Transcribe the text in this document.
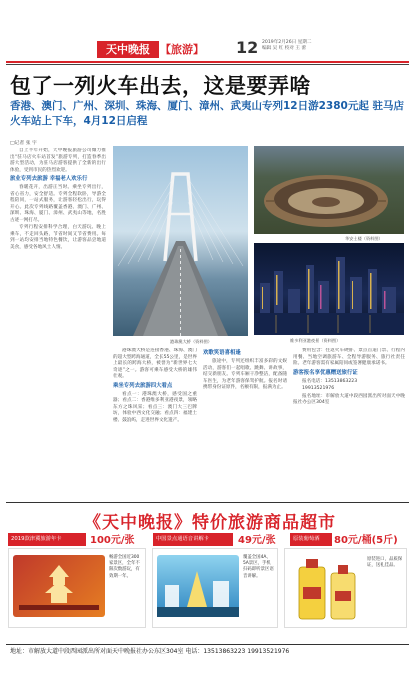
天中晚报 【旅游】 12 2019年2月26日 星期二
编辑 吴 红 校对 王 蕾
包了一列火车出去，这是要弄啥
香港、澳门、广州、深圳、珠海、厦门、漳州、武夷山专列12日游2380元起 驻马店火车站上下车，4月12日启程
□记者 张 宇

自上半年开始，天中晚报旅游公司倾力推出“驻马店火车站首发”旅游专列，打造春季出游大型活动，为驻马店游客提供了全新的出行体验，受到市民的热烈欢迎。

旅业专列去旅游 幸福老人欢乐行

春暖花开，出游正当时。乘坐专列出行，省心省力，安全舒适。专列全程软卧，导游全程陪同，一站式服务，让游客轻松出行，玩得开心。此次专列线路覆盖香港、澳门、广州、深圳、珠海、厦门、漳州、武夷山等地，名胜古迹一网打尽。

专列行程安排科学合理，白天游玩、晚上乘车，不走回头路，节省时间又节省费用。每到一站均安排当地特色餐饮，让游客品尝地道美食，感受各地风土人情。

港珠澳大桥（资料图）
华安土楼（资料图）
维多利亚港夜景（资料图）

港珠澳大桥是连接香港、珠海、澳门的超大型跨海通道，全长55公里，是世界上最长的跨海大桥，被誉为“新世界七大奇迹”之一。游客可乘车感受大桥的雄伟壮观。

乘坐专列去旅游四大看点

看点一：港珠澳大桥，感受国之重器；看点二：香港维多利亚港夜景，领略东方之珠风采；看点三：澳门大三巴牌坊，体验中西文化交融；看点四：福建土楼、鼓浪屿，走进世界文化遗产。

欢歌笑语喜相逢

旅途中，专列还组织丰富多彩的文娱活动，游客们一起唱歌、跳舞、讲故事，结交新朋友。专列车厢干净整洁，配备随车医生，为老年游客保驾护航。报名时请携带身份证原件，名额有限，报满为止。

费用包含：往返火车硬卧、景点首道门票、行程内用餐、当地空调旅游车、全程导游服务、旅行社责任险。老年游客需有家属陪同或签署健康承诺书。

游客报名享优惠赠送旅行证

报名电话：13513863223

19913521976

报名地址：市解放大道中段西园派出所对面天中晚报社办公区304室

《天中晚报》特价旅游商品超市
2019款津冀旅游年卡	100元/张	中国景点通语音讲解卡	49元/张	原装葡萄酒	80元/桶(5斤)
畅游全国近300家景区，全年不限次数游玩，有效期一年。
覆盖全国4A、5A景区，手机扫码即听景区语音讲解。
原装进口，品质保证，送礼佳品。
地址：市解放大道中段西园派出所对面天中晚报社办公东区304室 电话：13513863223 19913521976
